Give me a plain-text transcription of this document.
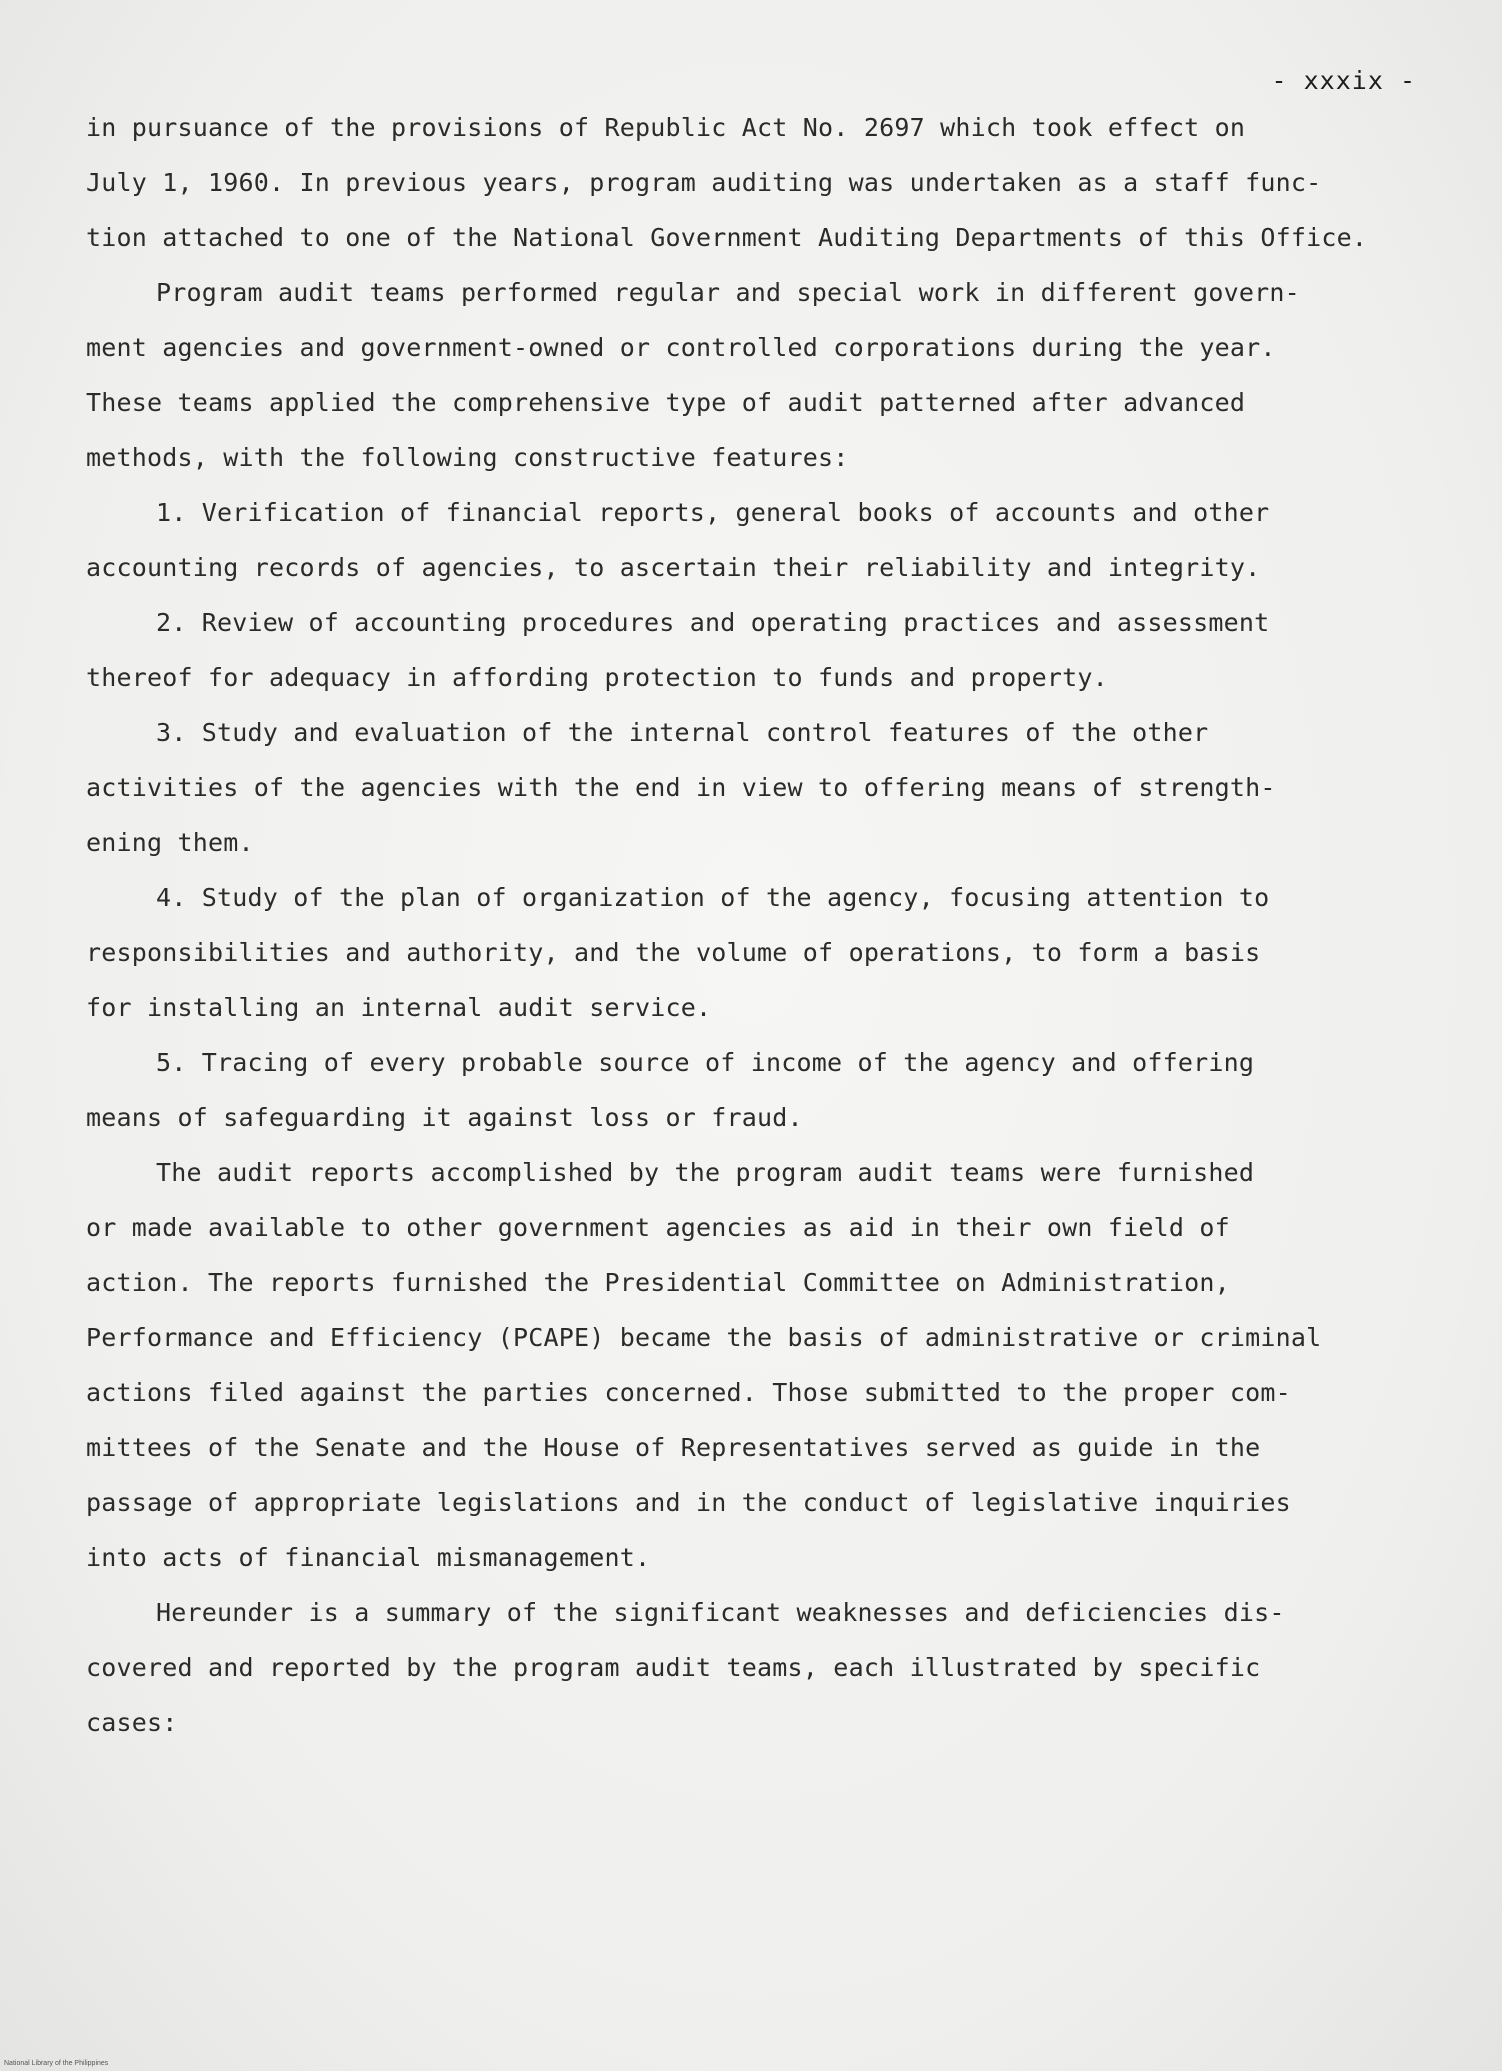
- xxxix -
in pursuance of the provisions of Republic Act No. 2697 which took effect on
July 1, 1960. In previous years, program auditing was undertaken as a staff func-
tion attached to one of the National Government Auditing Departments of this Office.
Program audit teams performed regular and special work in different govern-
ment agencies and government-owned or controlled corporations during the year.
These teams applied the comprehensive type of audit patterned after advanced
methods, with the following constructive features:
1. Verification of financial reports, general books of accounts and other
accounting records of agencies, to ascertain their reliability and integrity.
2. Review of accounting procedures and operating practices and assessment
thereof for adequacy in affording protection to funds and property.
3. Study and evaluation of the internal control features of the other
activities of the agencies with the end in view to offering means of strength-
ening them.
4. Study of the plan of organization of the agency, focusing attention to
responsibilities and authority, and the volume of operations, to form a basis
for installing an internal audit service.
5. Tracing of every probable source of income of the agency and offering
means of safeguarding it against loss or fraud.
The audit reports accomplished by the program audit teams were furnished
or made available to other government agencies as aid in their own field of
action. The reports furnished the Presidential Committee on Administration,
Performance and Efficiency (PCAPE) became the basis of administrative or criminal
actions filed against the parties concerned. Those submitted to the proper com-
mittees of the Senate and the House of Representatives served as guide in the
passage of appropriate legislations and in the conduct of legislative inquiries
into acts of financial mismanagement.
Hereunder is a summary of the significant weaknesses and deficiencies dis-
covered and reported by the program audit teams, each illustrated by specific
cases:
National Library of the Philippines
